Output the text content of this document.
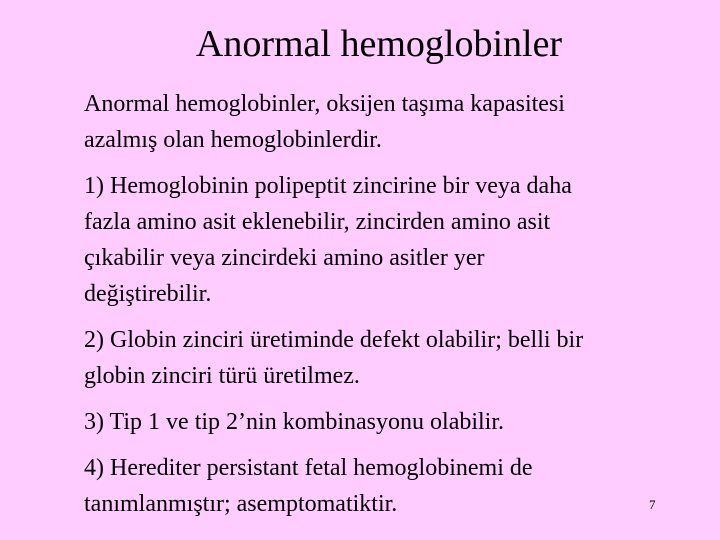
Anormal hemoglobinler
Anormal hemoglobinler, oksijen taşıma kapasitesi
azalmış olan hemoglobinlerdir.
1) Hemoglobinin polipeptit zincirine bir veya daha
fazla amino asit eklenebilir, zincirden amino asit
çıkabilir veya zincirdeki amino asitler yer
değiştirebilir.
2) Globin zinciri üretiminde defekt olabilir; belli bir
globin zinciri türü üretilmez.
3) Tip 1 ve tip 2’nin kombinasyonu olabilir.
4) Herediter persistant fetal hemoglobinemi de
tanımlanmıştır; asemptomatiktir.	7
